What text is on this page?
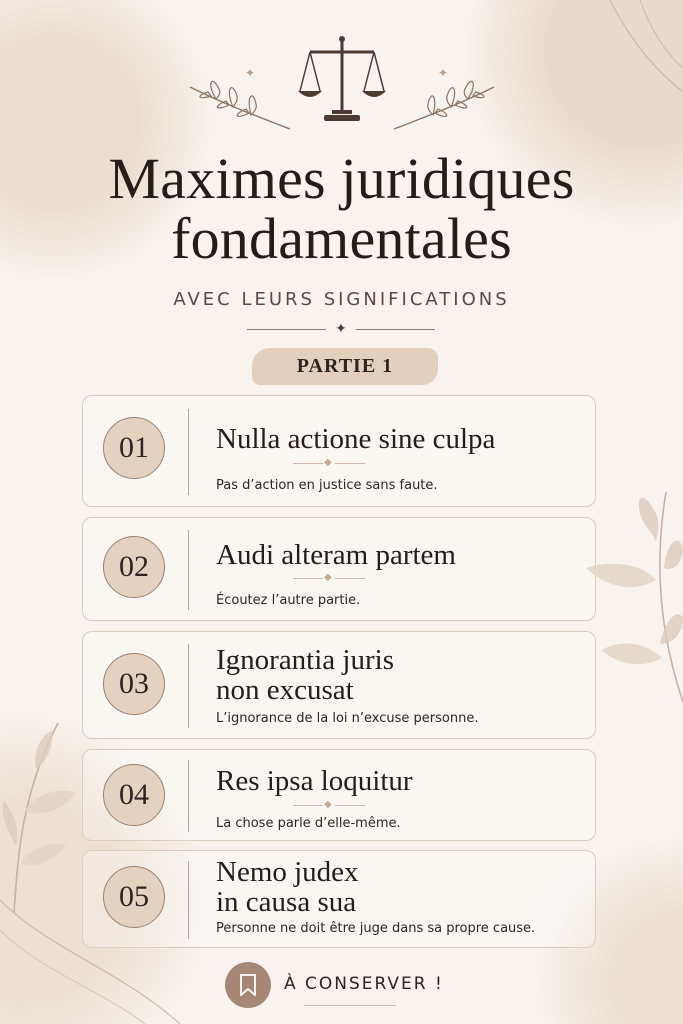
✦	✦
Maximes juridiques
fondamentales
AVEC LEURS SIGNIFICATIONS
✦
PARTIE 1
01	Nulla actione sine culpa
◆
Pas d’action en justice sans faute.
02	Audi alteram partem
◆
Écoutez l’autre partie.
03
Ignorantia juris
non excusat
L’ignorance de la loi n’excuse personne.
04	Res ipsa loquitur
◆
La chose parle d’elle-même.
05
Nemo judex
in causa sua
Personne ne doit être juge dans sa propre cause.
À CONSERVER !
